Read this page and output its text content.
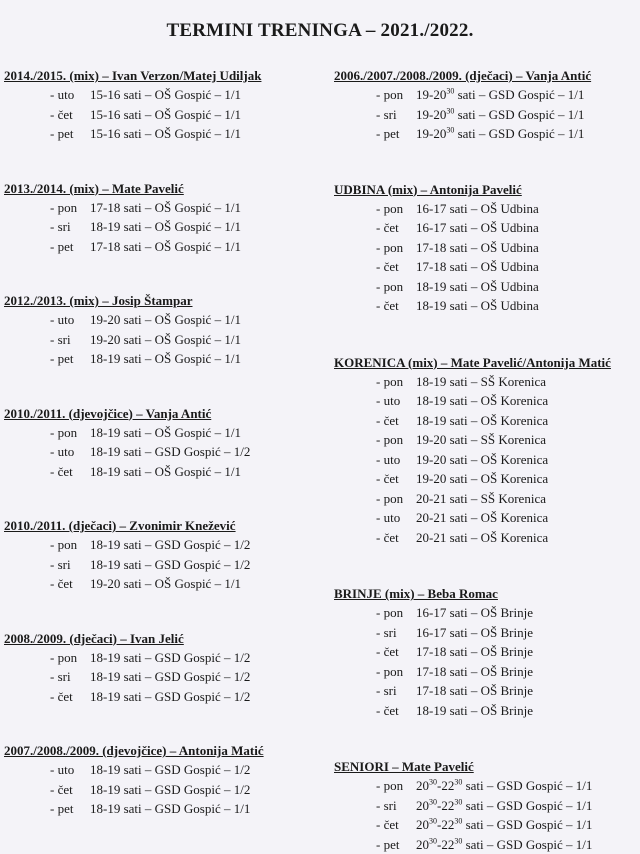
TERMINI TRENINGA – 2021./2022.
2014./2015. (mix) – Ivan Verzon/Matej Udiljak
- uto	15-16 sati – OŠ Gospić – 1/1
- čet	15-16 sati – OŠ Gospić – 1/1
- pet	15-16 sati – OŠ Gospić – 1/1
2013./2014. (mix) – Mate Pavelić
- pon 17-18 sati – OŠ Gospić – 1/1
- sri	18-19 sati – OŠ Gospić – 1/1
- pet	17-18 sati – OŠ Gospić – 1/1
2012./2013. (mix) – Josip Štampar
- uto	19-20 sati – OŠ Gospić – 1/1
- sri	19-20 sati – OŠ Gospić – 1/1
- pet	18-19 sati – OŠ Gospić – 1/1
2010./2011. (djevojčice) – Vanja Antić
- pon 18-19 sati – OŠ Gospić – 1/1
- uto	18-19 sati – GSD Gospić – 1/2
- čet	18-19 sati – OŠ Gospić – 1/1
2010./2011. (dječaci) – Zvonimir Knežević
- pon 18-19 sati – GSD Gospić – 1/2
- sri	18-19 sati – GSD Gospić – 1/2
- čet	19-20 sati – OŠ Gospić – 1/1
2008./2009. (dječaci) – Ivan Jelić
- pon 18-19 sati – GSD Gospić – 1/2
- sri	18-19 sati – GSD Gospić – 1/2
- čet	18-19 sati – GSD Gospić – 1/2
2007./2008./2009. (djevojčice) – Antonija Matić
- uto	18-19 sati – GSD Gospić – 1/2
- čet	18-19 sati – GSD Gospić – 1/2
- pet	18-19 sati – GSD Gospić – 1/1
2006./2007./2008./2009. (dječaci) – Vanja Antić
- pon $19-20^{30}$ sati – GSD Gospić – 1/1
- sri	$19-20^{30}$ sati – GSD Gospić – 1/1
- pet	$19-20^{30}$ sati – GSD Gospić – 1/1
UDBINA (mix) – Antonija Pavelić
- pon 16-17 sati – OŠ Udbina
- čet	16-17 sati – OŠ Udbina
- pon 17-18 sati – OŠ Udbina
- čet	17-18 sati – OŠ Udbina
- pon 18-19 sati – OŠ Udbina
- čet	18-19 sati – OŠ Udbina
KORENICA (mix) – Mate Pavelić/Antonija Matić
- pon 18-19 sati – SŠ Korenica
- uto	18-19 sati – OŠ Korenica
- čet	18-19 sati – OŠ Korenica
- pon 19-20 sati – SŠ Korenica
- uto	19-20 sati – OŠ Korenica
- čet	19-20 sati – OŠ Korenica
- pon 20-21 sati – SŠ Korenica
- uto	20-21 sati – OŠ Korenica
- čet	20-21 sati – OŠ Korenica
BRINJE (mix) – Beba Romac
- pon 16-17 sati – OŠ Brinje
- sri	16-17 sati – OŠ Brinje
- čet	17-18 sati – OŠ Brinje
- pon 17-18 sati – OŠ Brinje
- sri	17-18 sati – OŠ Brinje
- čet	18-19 sati – OŠ Brinje
SENIORI – Mate Pavelić
- pon $20^{30}-22^{30}$ sati – GSD Gospić – 1/1
- sri	$20^{30}-22^{30}$ sati – GSD Gospić – 1/1
- čet	$20^{30}-22^{30}$ sati – GSD Gospić – 1/1
- pet	$20^{30}-22^{30}$ sati – GSD Gospić – 1/1
